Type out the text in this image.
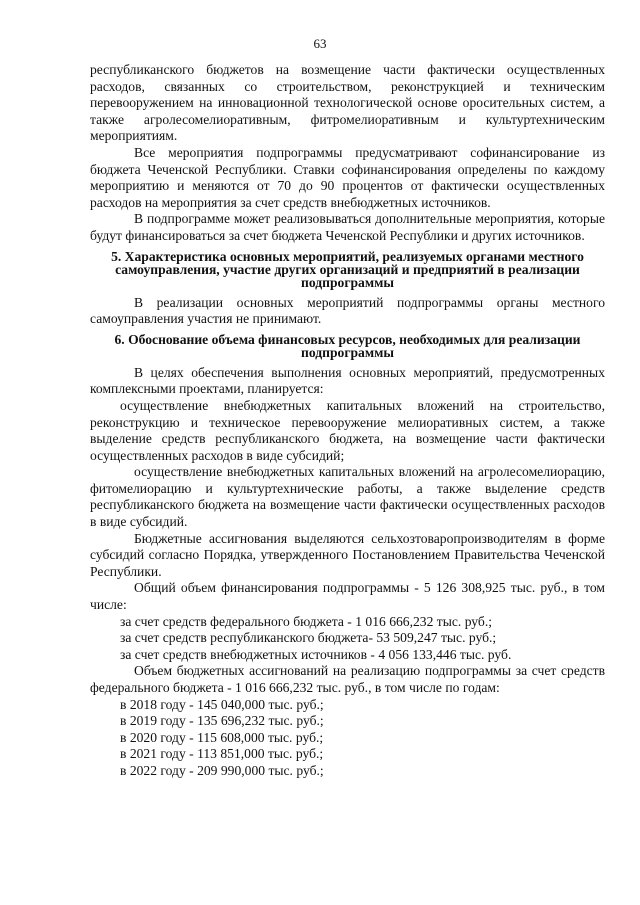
63

республиканского бюджетов на возмещение части фактически осуществленных расходов, связанных со строительством, реконструкцией и техническим перевооружением на инновационной технологической основе оросительных систем, а также агролесомелиоративным, фитромелиоративным и культуртехническим мероприятиям.

Все мероприятия подпрограммы предусматривают софинансирование из бюджета Чеченской Республики. Ставки софинансирования определены по каждому мероприятию и меняются от 70 до 90 процентов от фактически осуществленных расходов на мероприятия за счет средств внебюджетных источников.

В подпрограмме может реализовываться дополнительные мероприятия, которые будут финансироваться за счет бюджета Чеченской Республики и других источников.

5. Характеристика основных мероприятий, реализуемых органами местного самоуправления, участие других организаций и предприятий в реализации подпрограммы

В реализации основных мероприятий подпрограммы органы местного самоуправления участия не принимают.

6. Обоснование объема финансовых ресурсов, необходимых для реализации подпрограммы

В целях обеспечения выполнения основных мероприятий, предусмотренных комплексными проектами, планируется:

осуществление внебюджетных капитальных вложений на строительство, реконструкцию и техническое перевооружение мелиоративных систем, а также выделение средств республиканского бюджета, на возмещение части фактически осуществленных расходов в виде субсидий;

осуществление внебюджетных капитальных вложений на агролесомелиорацию, фитомелиорацию и культуртехнические работы, а также выделение средств республиканского бюджета на возмещение части фактически осуществленных расходов в виде субсидий.

Бюджетные ассигнования выделяются сельхозтоваропроизводителям в форме субсидий согласно Порядка, утвержденного Постановлением Правительства Чеченской Республики.

Общий объем финансирования подпрограммы - 5 126 308,925 тыс. руб., в том числе:

за счет средств федерального бюджета - 1 016 666,232 тыс. руб.;

за счет средств республиканского бюджета- 53 509,247 тыс. руб.;

за счет средств внебюджетных источников - 4 056 133,446 тыс. руб.

Объем бюджетных ассигнований на реализацию подпрограммы за счет средств федерального бюджета - 1 016 666,232 тыс. руб., в том числе по годам:

в 2018 году - 145 040,000 тыс. руб.;

в 2019 году - 135 696,232 тыс. руб.;

в 2020 году - 115 608,000 тыс. руб.;

в 2021 году - 113 851,000 тыс. руб.;

в 2022 году - 209 990,000 тыс. руб.;
